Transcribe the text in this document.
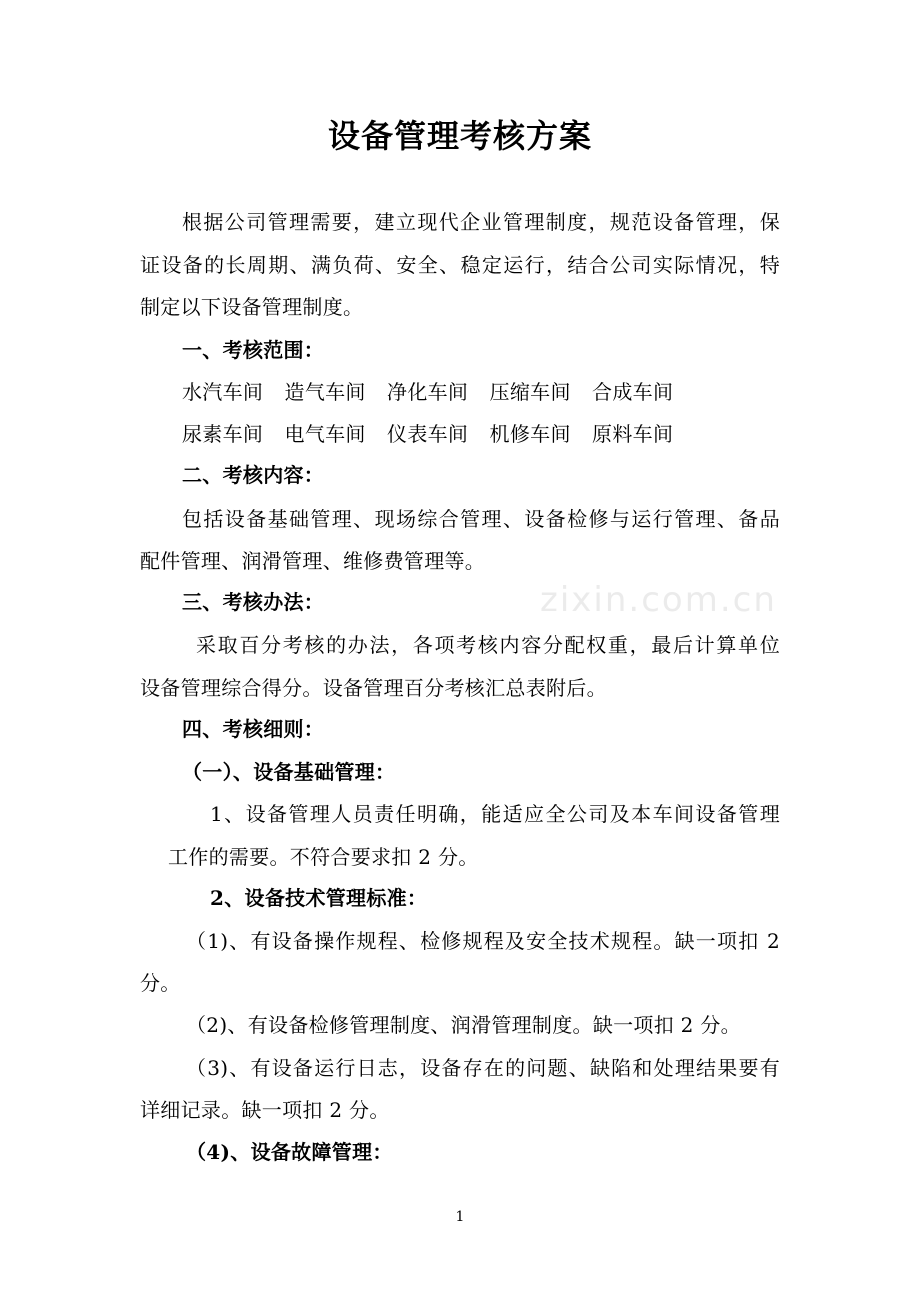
设备管理考核方案
根据公司管理需要，建立现代企业管理制度，规范设备管理，保
证设备的长周期、满负荷、安全、稳定运行，结合公司实际情况，特
制定以下设备管理制度。
一、考核范围：
水汽车间  造气车间  净化车间  压缩车间  合成车间
尿素车间  电气车间  仪表车间  机修车间  原料车间
二、考核内容：
包括设备基础管理、现场综合管理、设备检修与运行管理、备品
配件管理、润滑管理、维修费管理等。
三、考核办法：
采取百分考核的办法，各项考核内容分配权重，最后计算单位
设备管理综合得分。设备管理百分考核汇总表附后。
四、考核细则：
（一）、设备基础管理：
1、设备管理人员责任明确，能适应全公司及本车间设备管理
工作的需要。不符合要求扣 2 分。
2、设备技术管理标准：
（1)、有设备操作规程、检修规程及安全技术规程。缺一项扣 2
分。
（2)、有设备检修管理制度、润滑管理制度。缺一项扣 2 分。
（3)、有设备运行日志，设备存在的问题、缺陷和处理结果要有
详细记录。缺一项扣 2 分。
（4)、设备故障管理：
zixin.com.cn
1
